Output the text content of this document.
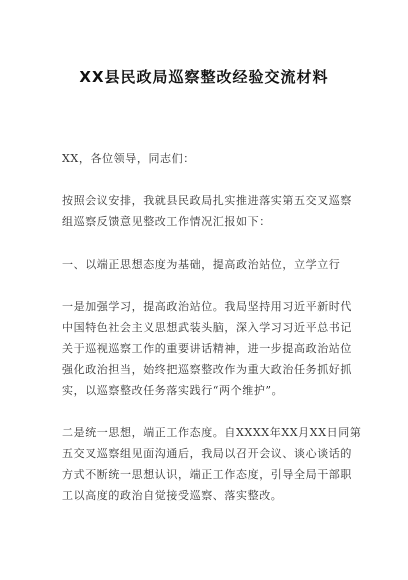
XX县民政局巡察整改经验交流材料

XX，各位领导，同志们：

按照会议安排，我就县民政局扎实推进落实第五交叉巡察
组巡察反馈意见整改工作情况汇报如下：

一、以端正思想态度为基础，提高政治站位，立学立行

一是加强学习，提高政治站位。我局坚持用习近平新时代
中国特色社会主义思想武装头脑，深入学习习近平总书记
关于巡视巡察工作的重要讲话精神，进一步提高政治站位
强化政治担当，始终把巡察整改作为重大政治任务抓好抓
实，以巡察整改任务落实践行“两个维护”。

二是统一思想，端正工作态度。自XXXX年XX月XX日同第
五交叉巡察组见面沟通后，我局以召开会议、谈心谈话的
方式不断统一思想认识，端正工作态度，引导全局干部职
工以高度的政治自觉接受巡察、落实整改。
